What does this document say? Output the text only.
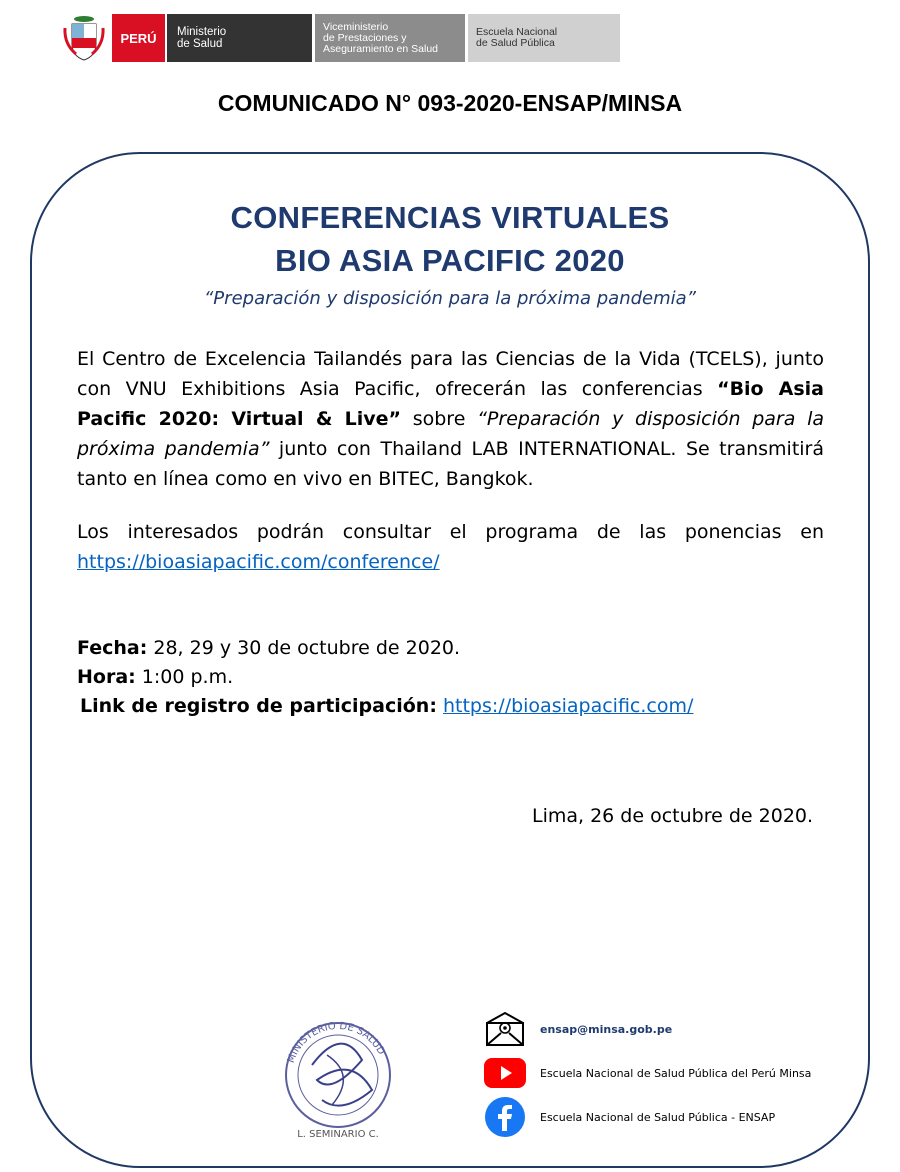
PERÚ	Ministerio
de Salud
Viceministerio
de Prestaciones y
Aseguramiento en Salud
Escuela Nacional
de Salud Pública
COMUNICADO N° 093-2020-ENSAP/MINSA
CONFERENCIAS VIRTUALES
BIO ASIA PACIFIC 2020
“Preparación y disposición para la próxima pandemia”
El Centro de Excelencia Tailandés para las Ciencias de la Vida (TCELS), junto con VNU Exhibitions Asia Pacific, ofrecerán las conferencias “Bio Asia Pacific 2020: Virtual & Live” sobre “Preparación y disposición para la próxima pandemia” junto con Thailand LAB INTERNATIONAL. Se transmitirá tanto en línea como en vivo en BITEC, Bangkok.
Los interesados podrán consultar el programa de las ponencias en https://bioasiapacific.com/conference/
Fecha: 28, 29 y 30 de octubre de 2020.
Hora: 1:00 p.m.
Link de registro de participación: https://bioasiapacific.com/
Lima, 26 de octubre de 2020.
MINISTERIO DE SALUD
L. SEMINARIO C.
ensap@minsa.gob.pe
Escuela Nacional de Salud Pública del Perú Minsa
Escuela Nacional de Salud Pública - ENSAP
